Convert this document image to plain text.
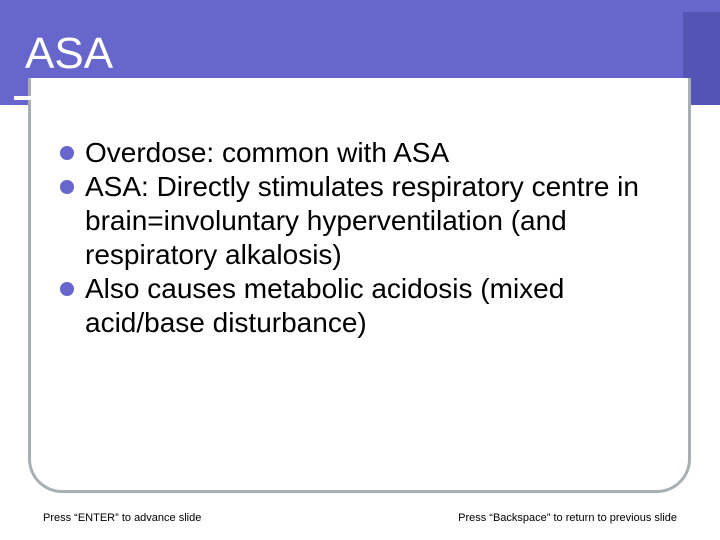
ASA
Overdose: common with ASA
ASA: Directly stimulates respiratory centre in brain=involuntary hyperventilation (and respiratory alkalosis)
Also causes metabolic acidosis (mixed acid/base disturbance)
Press “ENTER” to advance slide	Press “Backspace” to return to previous slide
